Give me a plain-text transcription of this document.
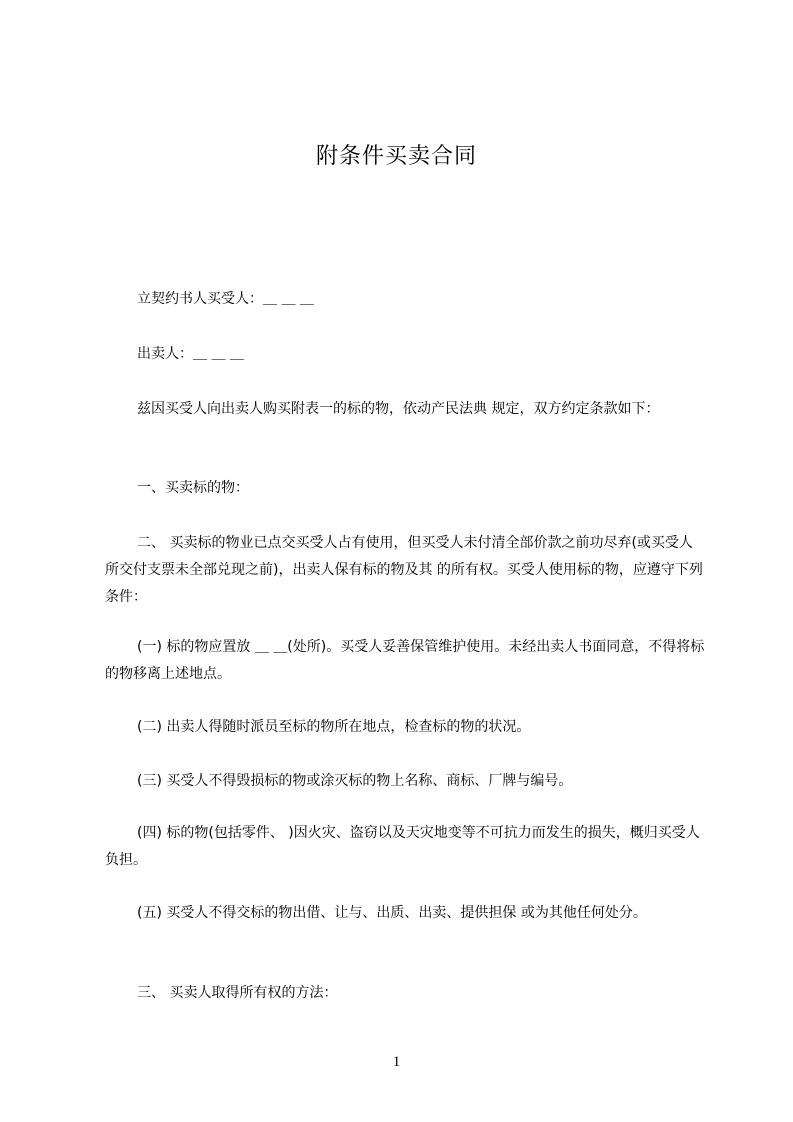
附条件买卖合同

立契约书人买受人：＿ ＿ ＿

出卖人：＿ ＿ ＿

兹因买受人向出卖人购买附表一的标的物，依动产民法典 规定，双方约定条款如下：

一、买卖标的物：

二、 买卖标的物业已点交买受人占有使用，但买受人未付清全部价款之前功尽弃(或买受人所交付支票未全部兑现之前)，出卖人保有标的物及其 的所有权。买受人使用标的物，应遵守下列条件：

(一) 标的物应置放 ＿ ＿(处所)。买受人妥善保管维护使用。未经出卖人书面同意，不得将标的物移离上述地点。

(二) 出卖人得随时派员至标的物所在地点，检查标的物的状况。

(三) 买受人不得毁损标的物或涂灭标的物上名称、商标、厂牌与编号。

(四) 标的物(包括零件、 )因火灾、盗窃以及天灾地变等不可抗力而发生的损失，概归买受人负担。

(五) 买受人不得交标的物出借、让与、出质、出卖、提供担保 或为其他任何处分。

三、 买卖人取得所有权的方法：

1
